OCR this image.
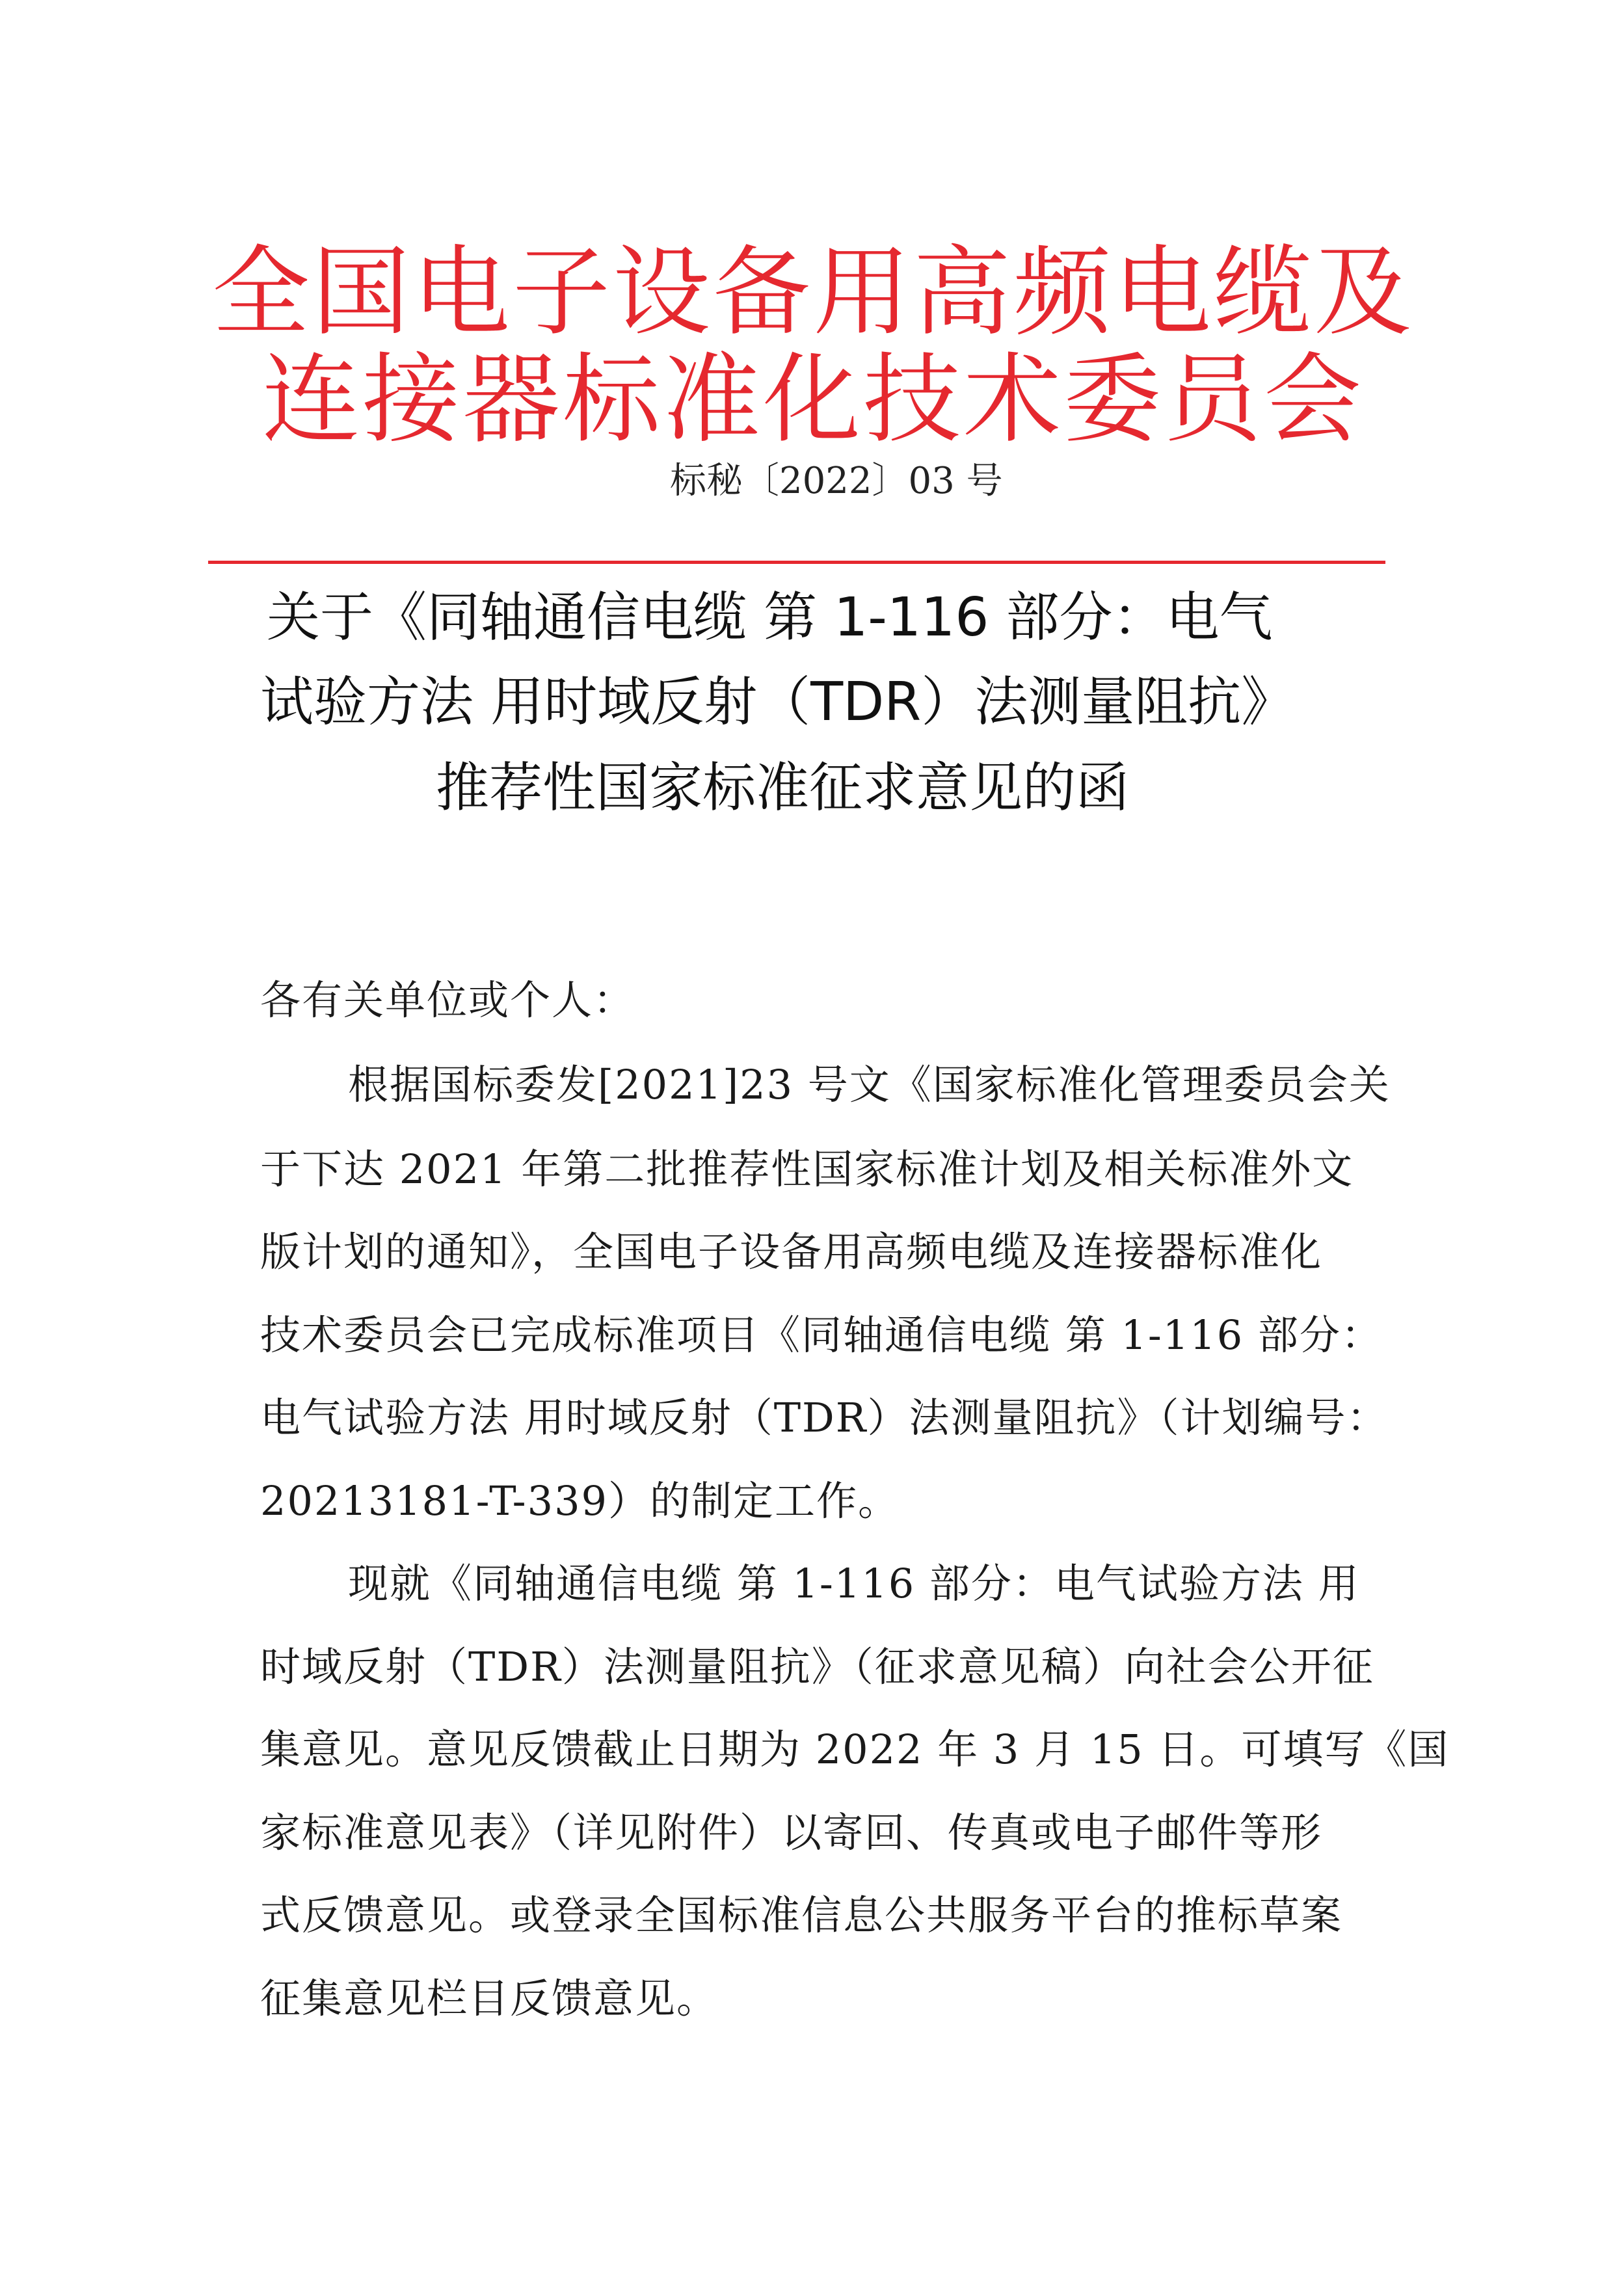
全国电子设备用高频电缆及
连接器标准化技术委员会
标秘〔2022〕03 号
关于《同轴通信电缆 第 1-116 部分：电气
试验方法 用时域反射（TDR）法测量阻抗》
推荐性国家标准征求意见的函
各有关单位或个人：
根据国标委发[2021]23 号文《国家标准化管理委员会关
于下达 2021 年第二批推荐性国家标准计划及相关标准外文
版计划的通知》，全国电子设备用高频电缆及连接器标准化
技术委员会已完成标准项目《同轴通信电缆 第 1-116 部分：
电气试验方法 用时域反射（TDR）法测量阻抗》（计划编号：
20213181-T-339）的制定工作。
现就《同轴通信电缆 第 1-116 部分：电气试验方法 用
时域反射（TDR）法测量阻抗》（征求意见稿）向社会公开征
集意见。意见反馈截止日期为 2022 年 3 月 15 日。可填写《国
家标准意见表》（详见附件）以寄回、传真或电子邮件等形
式反馈意见。或登录全国标准信息公共服务平台的推标草案
征集意见栏目反馈意见。
